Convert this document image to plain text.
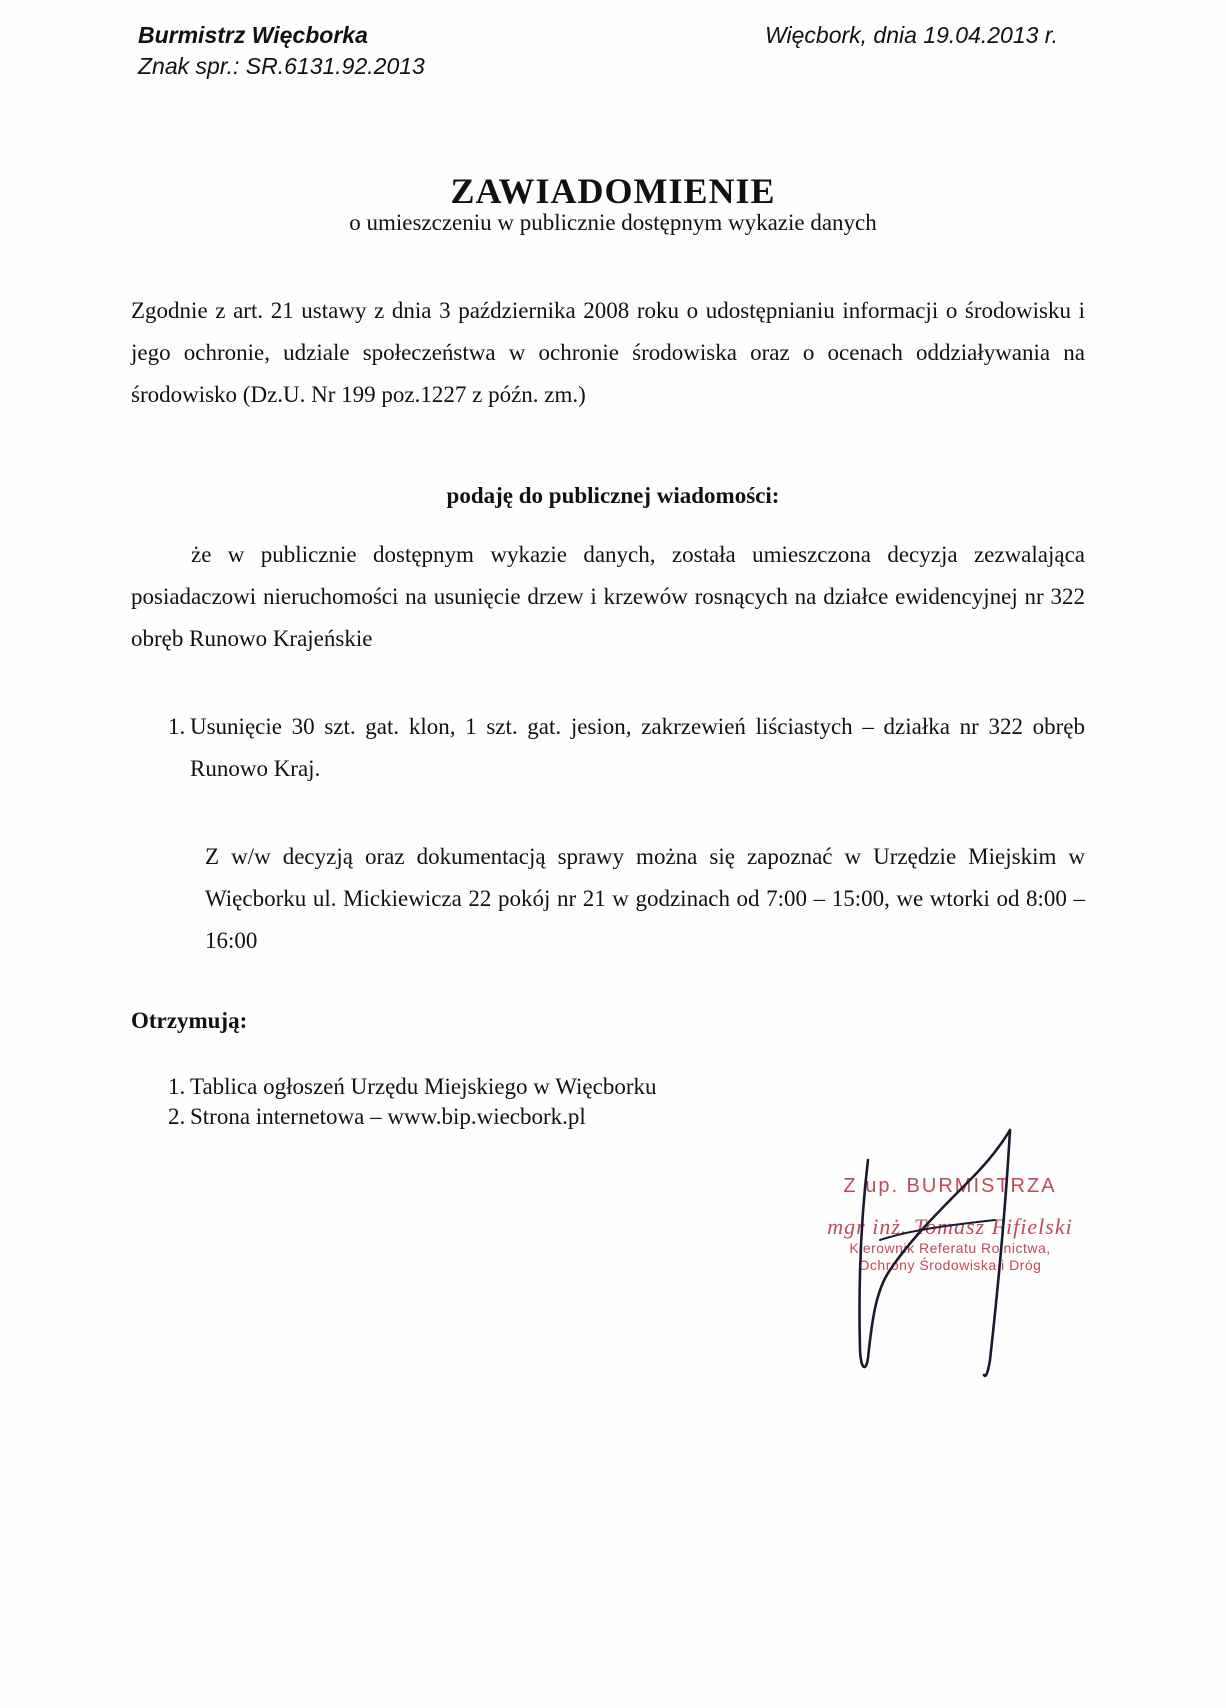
Burmistrz Więcborka
Znak spr.: SR.6131.92.2013
Więcbork, dnia 19.04.2013 r.
ZAWIADOMIENIE
o umieszczeniu w publicznie dostępnym wykazie danych
Zgodnie z art. 21 ustawy z dnia 3 października 2008 roku o udostępnianiu informacji o środowisku i jego ochronie, udziale społeczeństwa w ochronie środowiska oraz o ocenach oddziaływania na środowisko (Dz.U. Nr 199 poz.1227 z późn. zm.)
podaję do publicznej wiadomości:
że w publicznie dostępnym wykazie danych, została umieszczona decyzja zezwalająca posiadaczowi nieruchomości na usunięcie drzew i krzewów rosnących na działce ewidencyjnej nr 322 obręb Runowo Krajeńskie
1. Usunięcie 30 szt. gat. klon, 1 szt. gat. jesion, zakrzewień liściastych – działka nr 322 obręb Runowo Kraj.
Z w/w decyzją oraz dokumentacją sprawy można się zapoznać w Urzędzie Miejskim w Więcborku ul. Mickiewicza 22 pokój nr 21 w godzinach od 7:00 – 15:00, we wtorki od 8:00 – 16:00
Otrzymują:
1. Tablica ogłoszeń Urzędu Miejskiego w Więcborku
2. Strona internetowa – www.bip.wiecbork.pl
Z up. BURMISTRZA
mgr inż. Tomasz Fifielski
Kierownik Referatu Rolnictwa,
Ochrony Środowiska i Dróg
